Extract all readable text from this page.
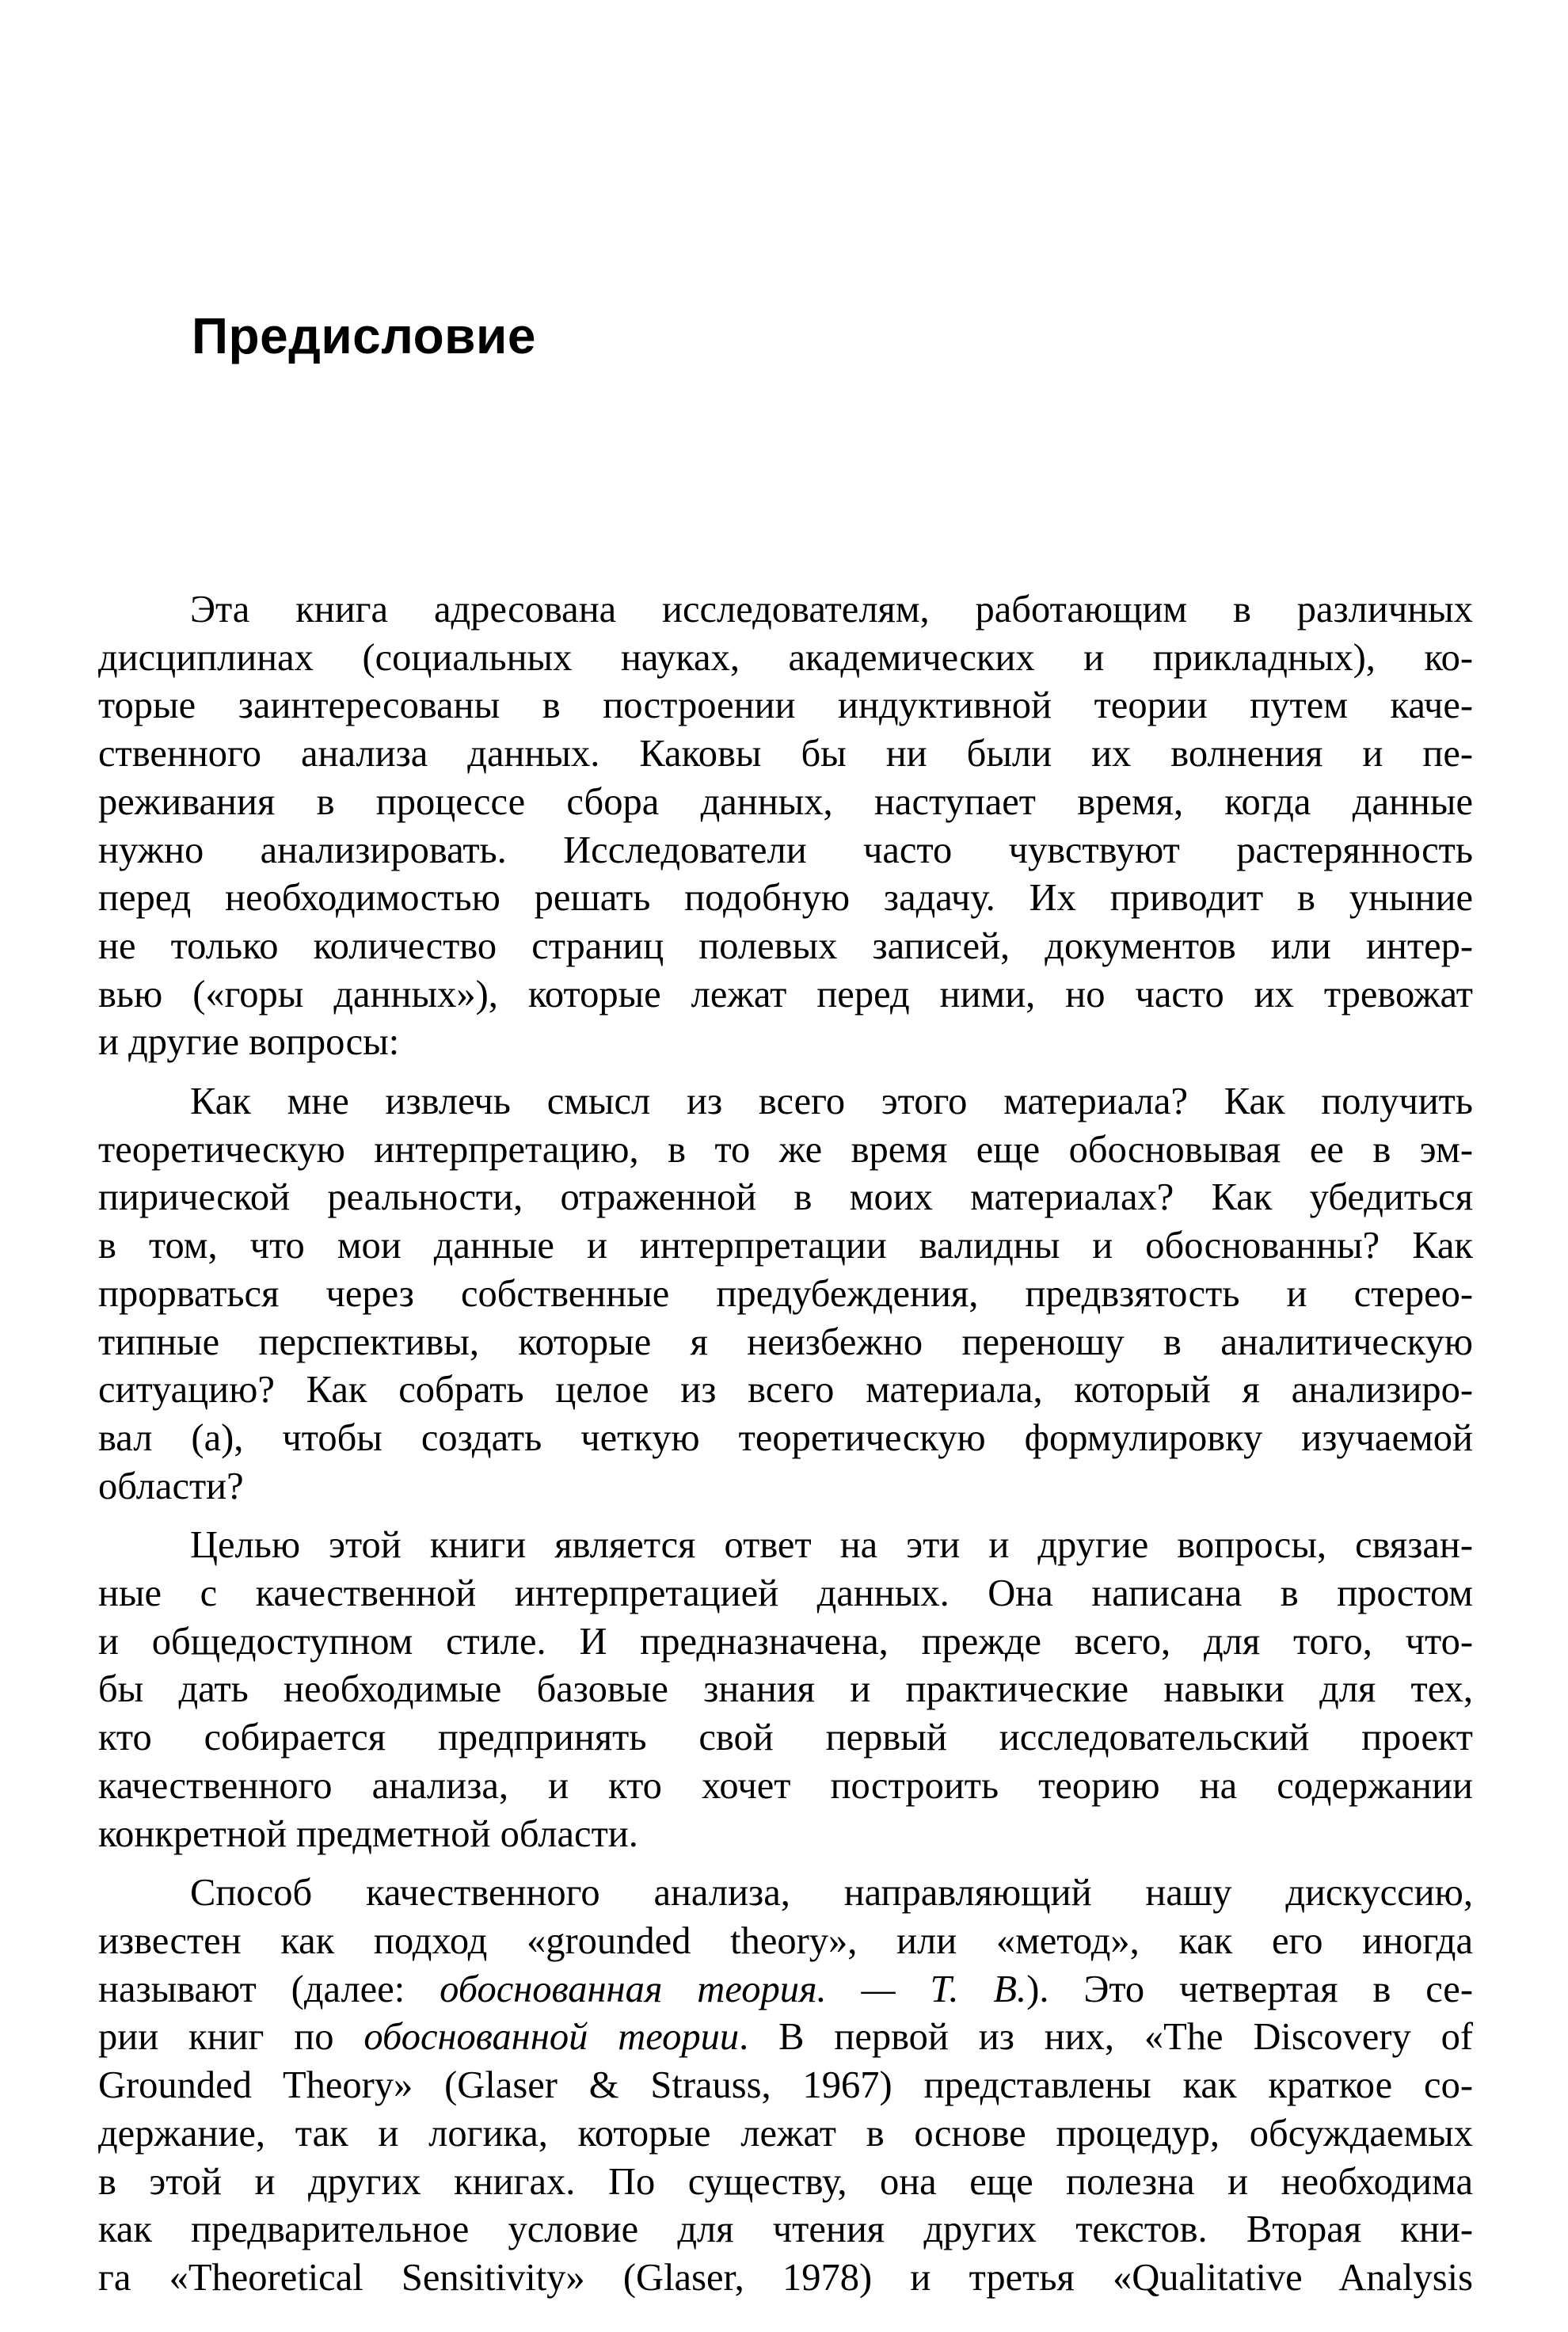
Предисловие
Эта книга адресована исследователям, работающим в различных
дисциплинах (социальных науках, академических и прикладных), ко-
торые заинтересованы в построении индуктивной теории путем каче-
ственного анализа данных. Каковы бы ни были их волнения и пе-
реживания в процессе сбора данных, наступает время, когда данные
нужно анализировать. Исследователи часто чувствуют растерянность
перед необходимостью решать подобную задачу. Их приводит в уныние
не только количество страниц полевых записей, документов или интер-
вью («горы данных»), которые лежат перед ними, но часто их тревожат
и другие вопросы:
Как мне извлечь смысл из всего этого материала? Как получить
теоретическую интерпретацию, в то же время еще обосновывая ее в эм-
пирической реальности, отраженной в моих материалах? Как убедиться
в том, что мои данные и интерпретации валидны и обоснованны? Как
прорваться через собственные предубеждения, предвзятость и стерео-
типные перспективы, которые я неизбежно переношу в аналитическую
ситуацию? Как собрать целое из всего материала, который я анализиро-
вал (а), чтобы создать четкую теоретическую формулировку изучаемой
области?
Целью этой книги является ответ на эти и другие вопросы, связан-
ные с качественной интерпретацией данных. Она написана в простом
и общедоступном стиле. И предназначена, прежде всего, для того, что-
бы дать необходимые базовые знания и практические навыки для тех,
кто собирается предпринять свой первый исследовательский проект
качественного анализа, и кто хочет построить теорию на содержании
конкретной предметной области.
Способ качественного анализа, направляющий нашу дискуссию,
известен как подход «grounded theory», или «метод», как его иногда
называют (далее: обоснованная теория. — Т. В.). Это четвертая в се-
рии книг по обоснованной теории. В первой из них, «The Discovery of
Grounded Theory» (Glaser & Strauss, 1967) представлены как краткое со-
держание, так и логика, которые лежат в основе процедур, обсуждаемых
в этой и других книгах. По существу, она еще полезна и необходима
как предварительное условие для чтения других текстов. Вторая кни-
га «Theoretical Sensitivity» (Glaser, 1978) и третья «Qualitative Analysis
